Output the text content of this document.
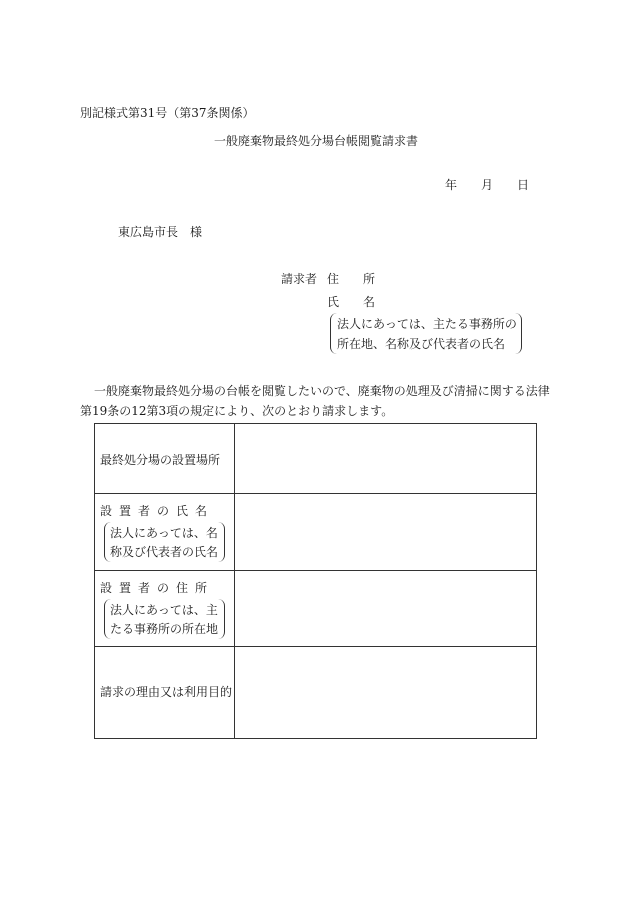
別記様式第31号（第37条関係）
一般廃棄物最終処分場台帳閲覧請求書
年　　月　　日
東広島市長　様
請求者 住　　所
氏　　名
法人にあっては、主たる事務所の
所在地、名称及び代表者の氏名
一般廃棄物最終処分場の台帳を閲覧したいので、廃棄物の処理及び清掃に関する法律
第19条の12第3項の規定により、次のとおり請求します。
最終処分場の設置場所
設置者の氏名
法人にあっては、名
称及び代表者の氏名
設置者の住所
法人にあっては、主
たる事務所の所在地
請求の理由又は利用目的
